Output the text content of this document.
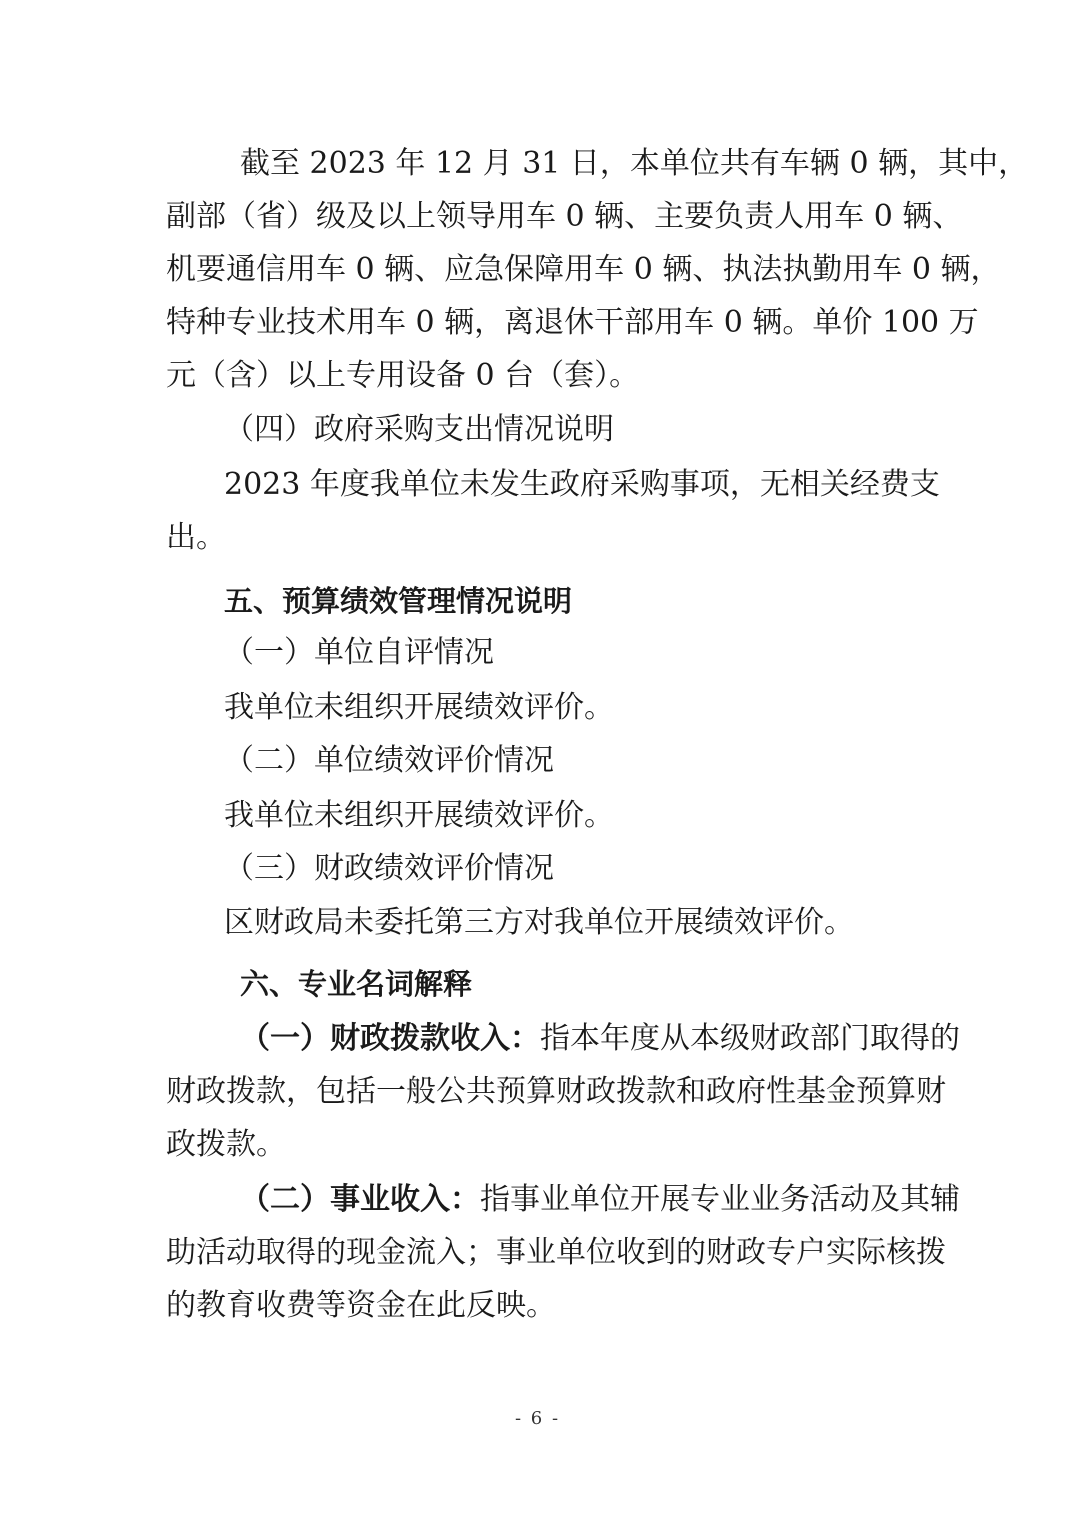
截至 2023 年 12 月 31 日，本单位共有车辆 0 辆，其中，
副部（省）级及以上领导用车 0 辆、主要负责人用车 0 辆、
机要通信用车 0 辆、应急保障用车 0 辆、执法执勤用车 0 辆，
特种专业技术用车 0 辆，离退休干部用车 0 辆。单价 100 万
元（含）以上专用设备 0 台（套）。
（四）政府采购支出情况说明
2023 年度我单位未发生政府采购事项，无相关经费支
出。
五、预算绩效管理情况说明
（一）单位自评情况
我单位未组织开展绩效评价。
（二）单位绩效评价情况
我单位未组织开展绩效评价。
（三）财政绩效评价情况
区财政局未委托第三方对我单位开展绩效评价。
六、专业名词解释
（一）财政拨款收入：指本年度从本级财政部门取得的
财政拨款，包括一般公共预算财政拨款和政府性基金预算财
政拨款。
（二）事业收入：指事业单位开展专业业务活动及其辅
助活动取得的现金流入；事业单位收到的财政专户实际核拨
的教育收费等资金在此反映。
- 6 -
